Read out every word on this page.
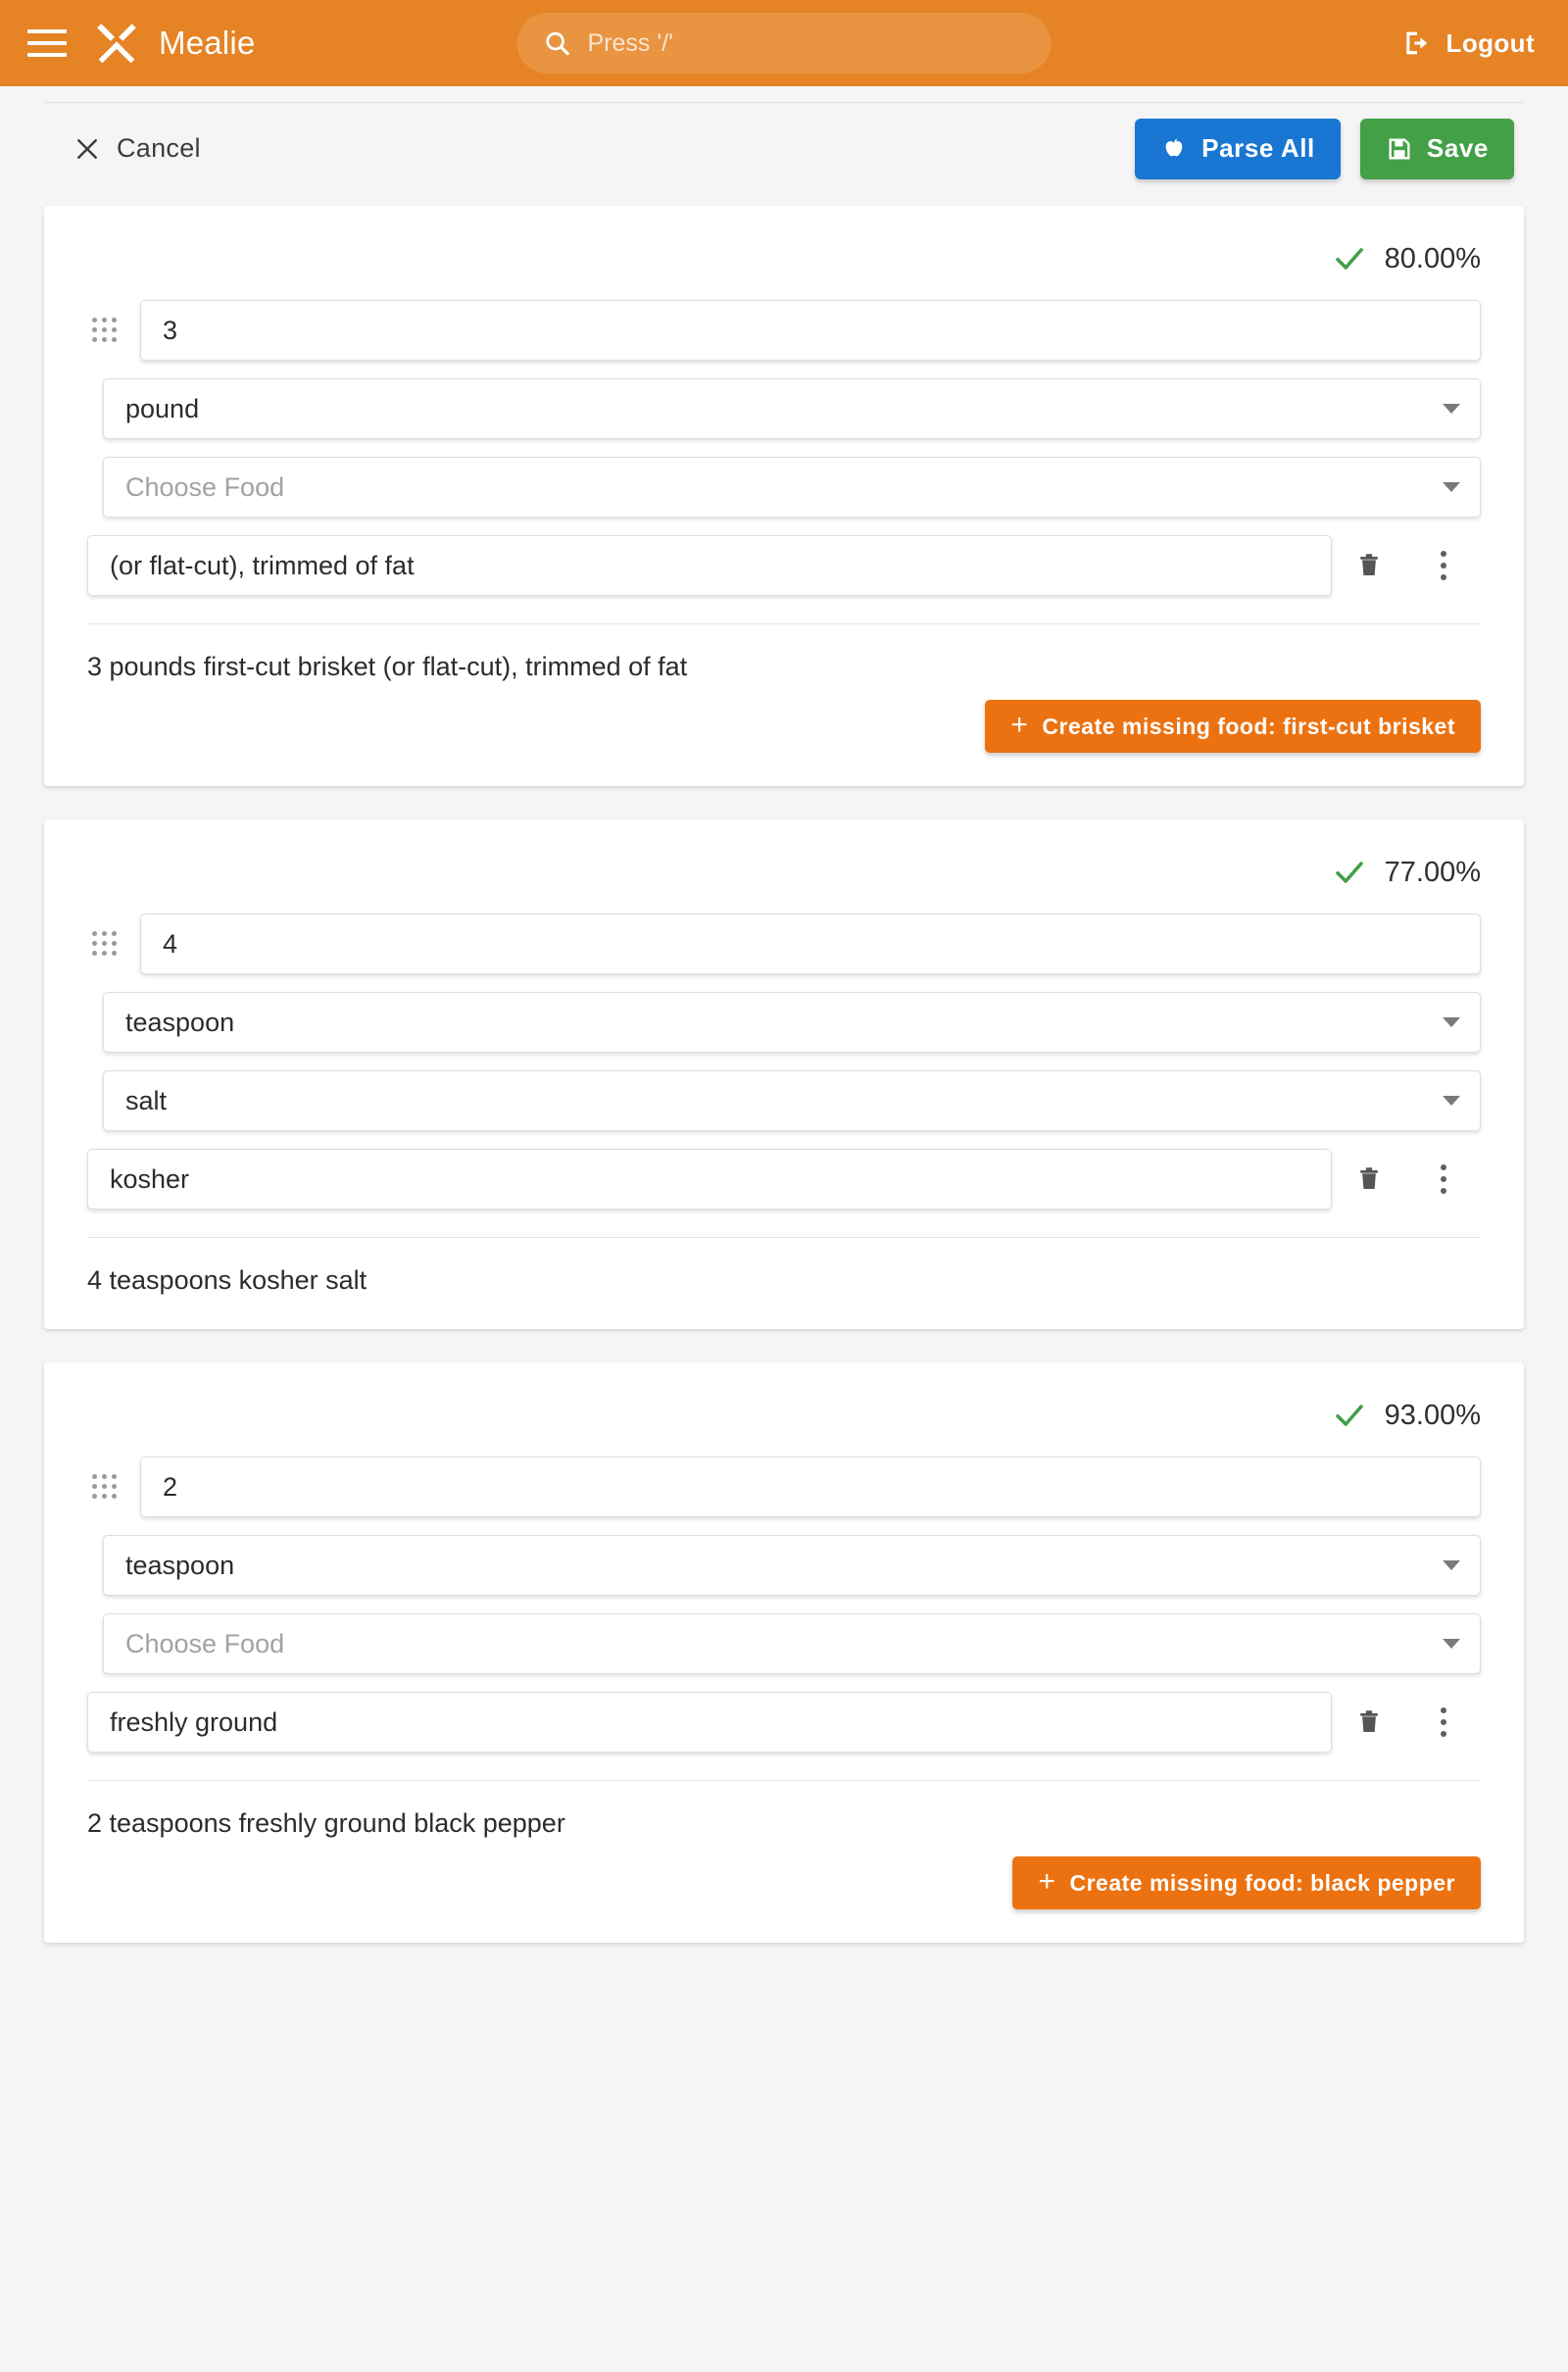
Mealie	Press '/'	Logout
Cancel	Parse All	Save
80.00%
3
pound
Choose Food
(or flat-cut), trimmed of fat
3 pounds first-cut brisket (or flat-cut), trimmed of fat
+ Create missing food: first-cut brisket
77.00%
4
teaspoon
salt
kosher
4 teaspoons kosher salt
93.00%
2
teaspoon
Choose Food
freshly ground
2 teaspoons freshly ground black pepper
+ Create missing food: black pepper
